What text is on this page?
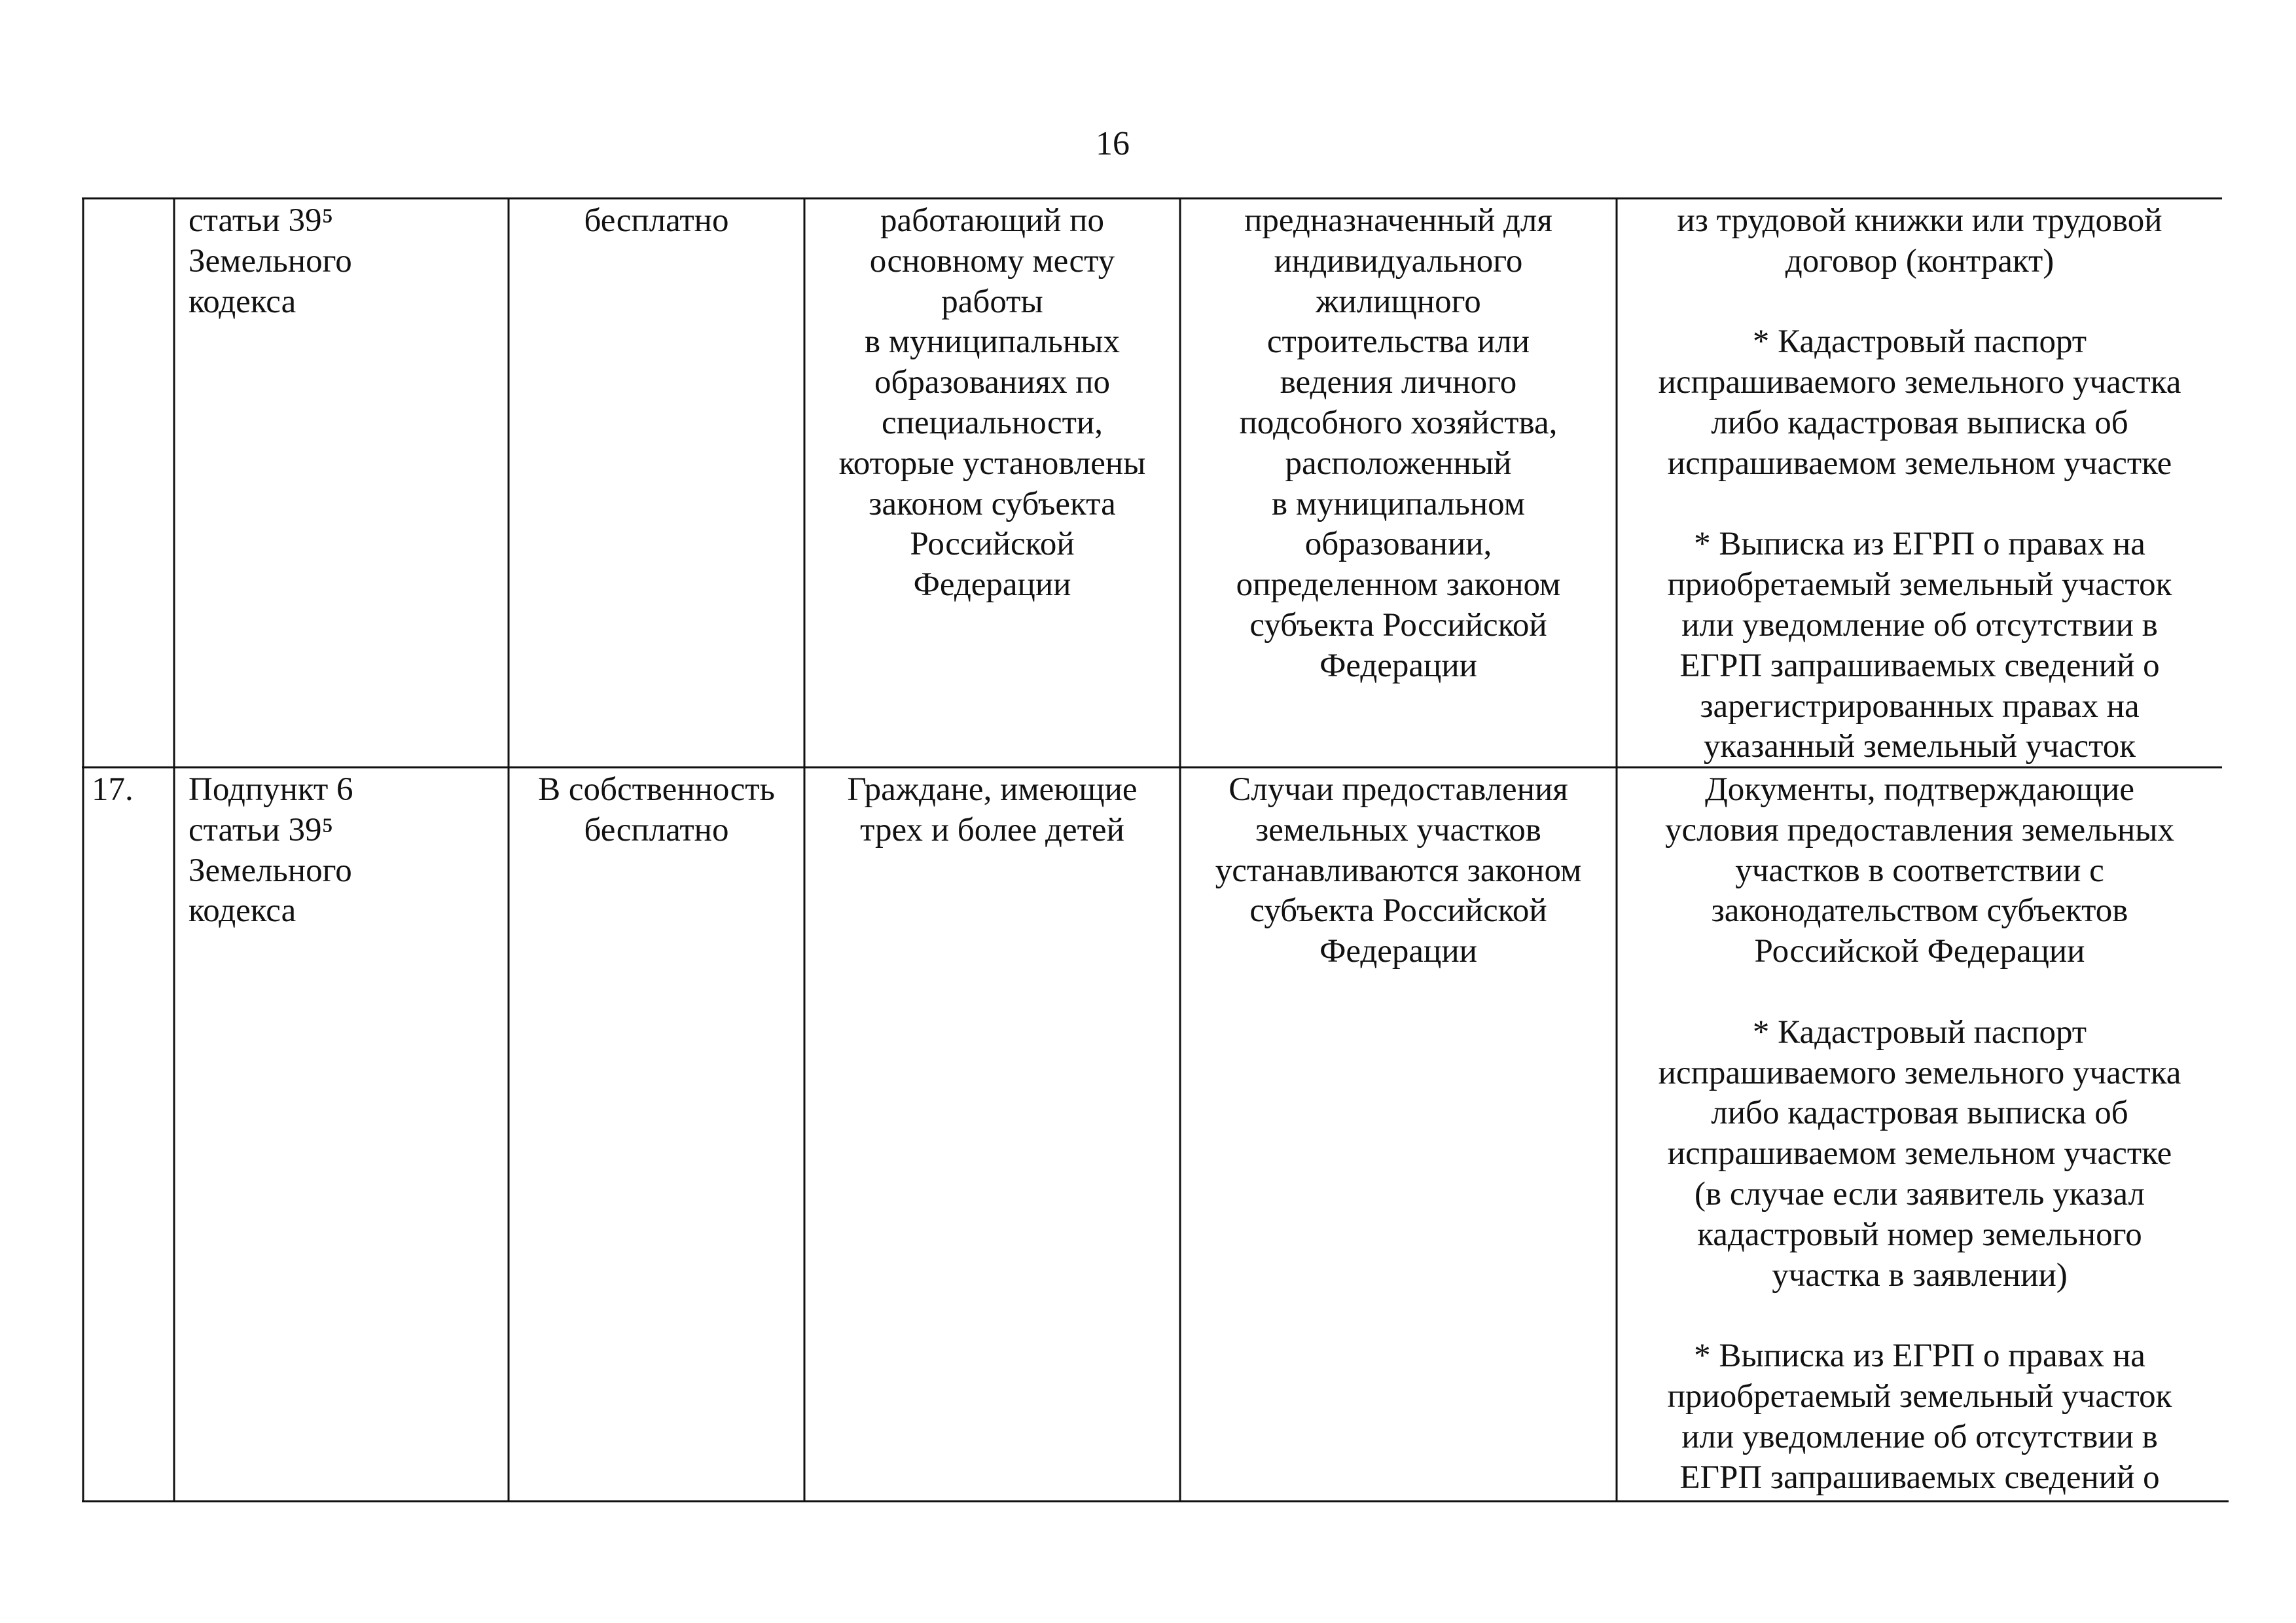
16
статьи 39⁵
Земельного
кодекса
бесплатно	работающий по
основному месту
работы
в муниципальных
образованиях по
специальности,
которые установлены
законом субъекта
Российской
Федерации
предназначенный для
индивидуального
жилищного
строительства или
ведения личного
подсобного хозяйства,
расположенный
в муниципальном
образовании,
определенном законом
субъекта Российской
Федерации
из трудовой книжки или трудовой
договор (контракт)

* Кадастровый паспорт
испрашиваемого земельного участка
либо кадастровая выписка об
испрашиваемом земельном участке

* Выписка из ЕГРП о правах на
приобретаемый земельный участок
или уведомление об отсутствии в
ЕГРП запрашиваемых сведений о
зарегистрированных правах на
указанный земельный участок
17.	Подпункт 6
статьи 39⁵
Земельного
кодекса
В собственность
бесплатно
Граждане, имеющие
трех и более детей
Случаи предоставления
земельных участков
устанавливаются законом
субъекта Российской
Федерации
Документы, подтверждающие
условия предоставления земельных
участков в соответствии с
законодательством субъектов
Российской Федерации

* Кадастровый паспорт
испрашиваемого земельного участка
либо кадастровая выписка об
испрашиваемом земельном участке
(в случае если заявитель указал
кадастровый номер земельного
участка в заявлении)

* Выписка из ЕГРП о правах на
приобретаемый земельный участок
или уведомление об отсутствии в
ЕГРП запрашиваемых сведений о
